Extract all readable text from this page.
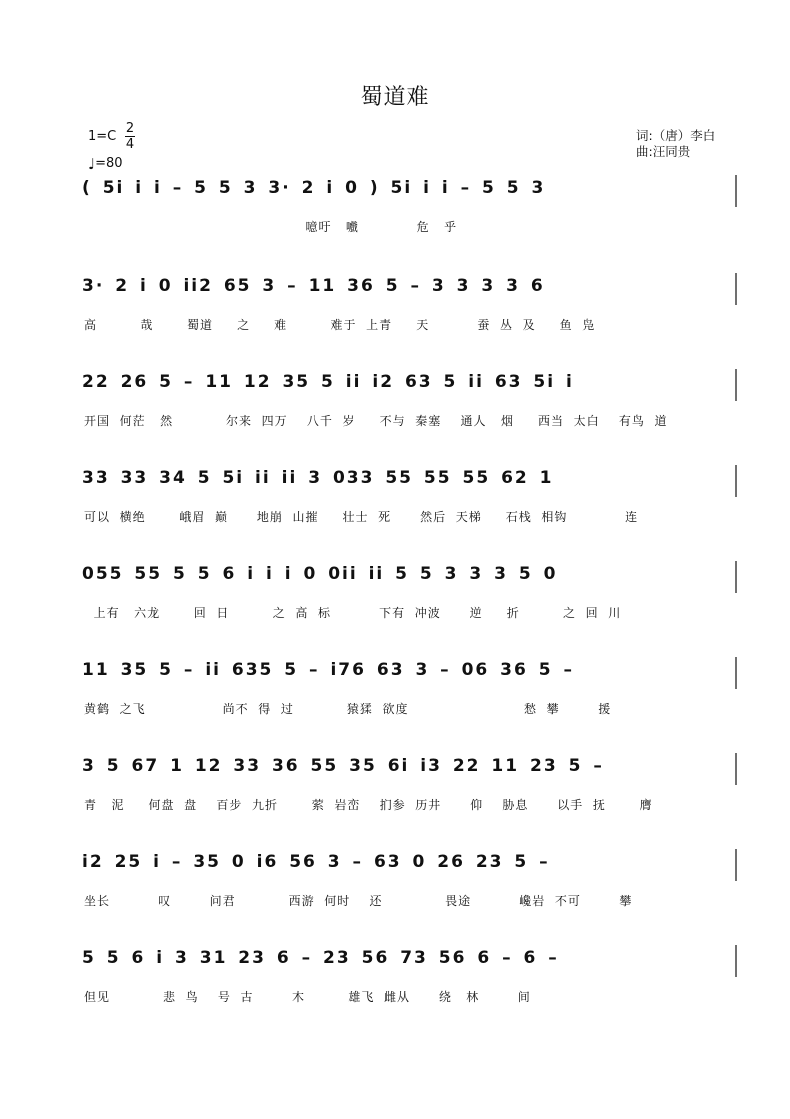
蜀道难
1=C
2
4
♩=80
词:（唐）李白
曲:汪同贵
( 5i i i – 5 5 3 3· 2 i 0 ) 5i i i – 5 5 3
噫吁   嚱            危   乎
3· 2 i 0 ii2 65 3 – 11 36 5 – 3 3 3 3 6
高         哉       蜀道     之     难         难于  上青     天          蚕  丛  及     鱼  凫
22 26 5 – 11 12 35 5 ii i2 63 5 ii 63 5i i
开国  何茫   然           尔来  四万    八千  岁     不与  秦塞    通人   烟     西当  太白    有鸟  道
33 33 34 5 5i ii ii 3 033 55 55 55 62 1
可以  横绝       峨眉  巅      地崩  山摧     壮士  死      然后  天梯     石栈  相钩            连
055 55 5 5 6 i i i 0 0ii ii 5 5 3 3 3 5 0
上有   六龙       回  日         之  高  标          下有  冲波      逆     折         之  回  川
11 35 5 – ii 635 5 – i76 63 3 – 06 36 5 –
黄鹤  之飞                尚不  得  过           猿猱  欲度                        愁  攀        援
3 5 67 1 12 33 36 55 35 6i i3 22 11 23 5 –
青   泥     何盘  盘    百步  九折       萦  岩峦    扪参  历井      仰    胁息      以手  抚       膺
i2 25 i – 35 0 i6 56 3 – 63 0 26 23 5 –
坐长          叹        问君           西游  何时    还             畏途          巉岩  不可        攀
5 5 6 i 3 31 23 6 – 23 56 73 56 6 – 6 –
但见           悲  鸟    号  古        木         雄飞  雌从      绕   林        间
